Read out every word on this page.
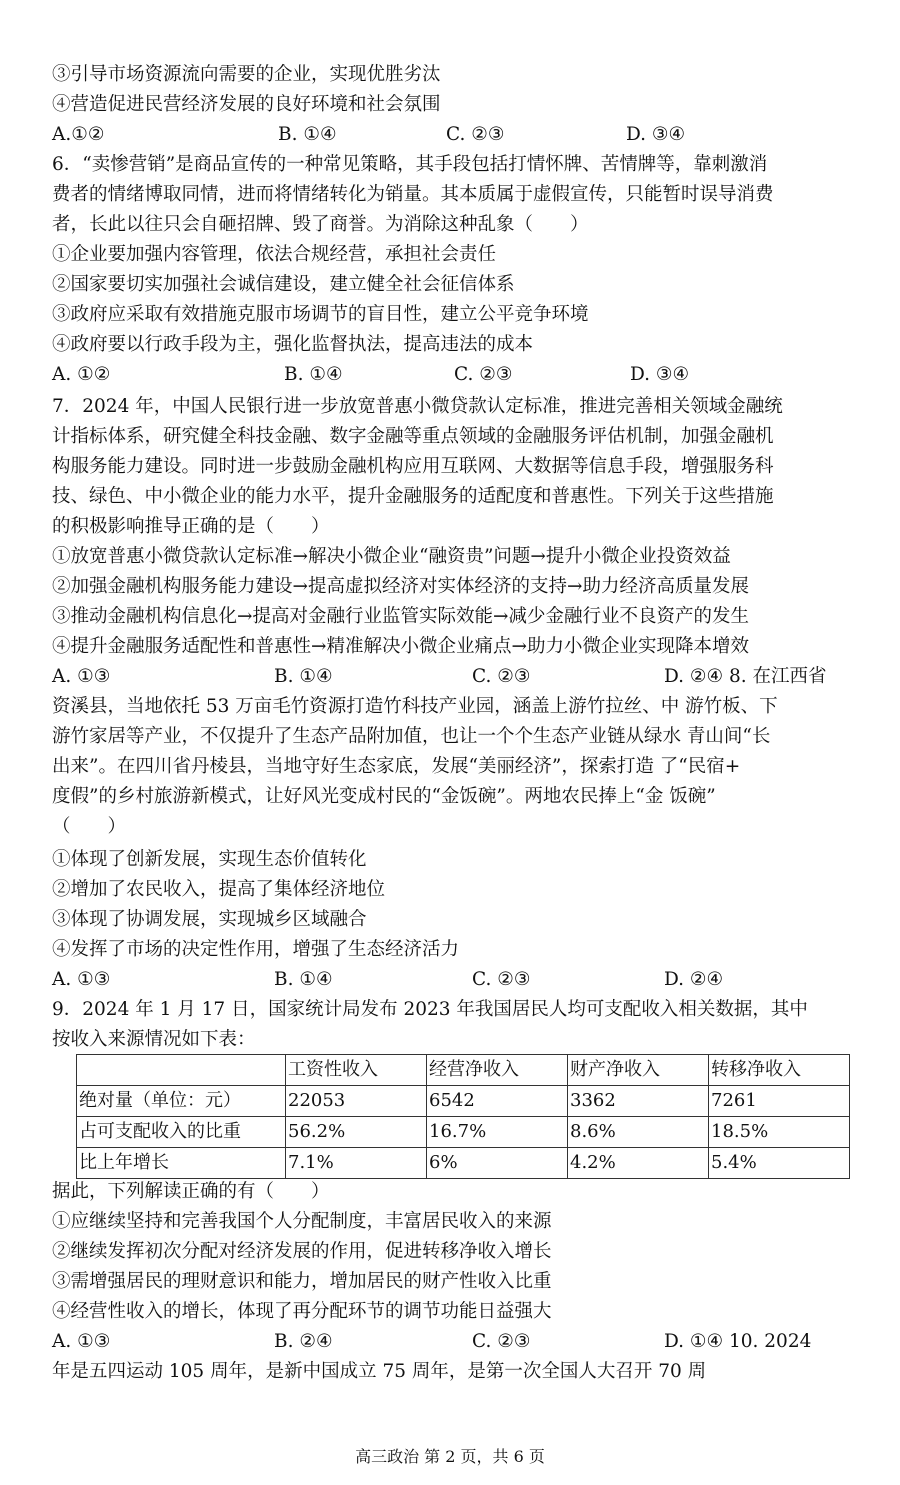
③引导市场资源流向需要的企业，实现优胜劣汰
④营造促进民营经济发展的良好环境和社会氛围
A.①②	B. ①④	C. ②③	D. ③④
6．“卖惨营销”是商品宣传的一种常见策略，其手段包括打情怀牌、苦情牌等，靠刺激消
费者的情绪博取同情，进而将情绪转化为销量。其本质属于虚假宣传，只能暂时误导消费
者，长此以往只会自砸招牌、毁了商誉。为消除这种乱象（　　）
①企业要加强内容管理，依法合规经营，承担社会责任
②国家要切实加强社会诚信建设，建立健全社会征信体系
③政府应采取有效措施克服市场调节的盲目性，建立公平竞争环境
④政府要以行政手段为主，强化监督执法，提高违法的成本
A. ①②	B. ①④	C. ②③	D. ③④
7．2024 年，中国人民银行进一步放宽普惠小微贷款认定标准，推进完善相关领域金融统
计指标体系，研究健全科技金融、数字金融等重点领域的金融服务评估机制，加强金融机
构服务能力建设。同时进一步鼓励金融机构应用互联网、大数据等信息手段，增强服务科
技、绿色、中小微企业的能力水平，提升金融服务的适配度和普惠性。下列关于这些措施
的积极影响推导正确的是（　　）
①放宽普惠小微贷款认定标准→解决小微企业“融资贵”问题→提升小微企业投资效益
②加强金融机构服务能力建设→提高虚拟经济对实体经济的支持→助力经济高质量发展
③推动金融机构信息化→提高对金融行业监管实际效能→减少金融行业不良资产的发生
④提升金融服务适配性和普惠性→精准解决小微企业痛点→助力小微企业实现降本增效
A. ①③	B. ①④	C. ②③	D. ②④ 8. 在江西省
资溪县，当地依托 53 万亩毛竹资源打造竹科技产业园，涵盖上游竹拉丝、中 游竹板、下
游竹家居等产业，不仅提升了生态产品附加值，也让一个个生态产业链从绿水 青山间“长
出来”。在四川省丹棱县，当地守好生态家底，发展“美丽经济”，探索打造 了“民宿+
度假”的乡村旅游新模式，让好风光变成村民的“金饭碗”。两地农民捧上“金 饭碗”
（　　）
①体现了创新发展，实现生态价值转化
②增加了农民收入，提高了集体经济地位
③体现了协调发展，实现城乡区域融合
④发挥了市场的决定性作用，增强了生态经济活力
A. ①③	B. ①④	C. ②③	D. ②④
9．2024 年 1 月 17 日，国家统计局发布 2023 年我国居民人均可支配收入相关数据，其中
按收入来源情况如下表：
	工资性收入	经营净收入	财产净收入	转移净收入
绝对量（单位：元）	22053	6542	3362	7261
占可支配收入的比重	56.2%	16.7%	8.6%	18.5%
比上年增长	7.1%	6%	4.2%	5.4%
据此，下列解读正确的有（　　）
①应继续坚持和完善我国个人分配制度，丰富居民收入的来源
②继续发挥初次分配对经济发展的作用，促进转移净收入增长
③需增强居民的理财意识和能力，增加居民的财产性收入比重
④经营性收入的增长，体现了再分配环节的调节功能日益强大
A. ①③	B. ②④	C. ②③	D. ①④ 10. 2024
年是五四运动 105 周年，是新中国成立 75 周年，是第一次全国人大召开 70 周
高三政治 第 2 页，共 6 页
